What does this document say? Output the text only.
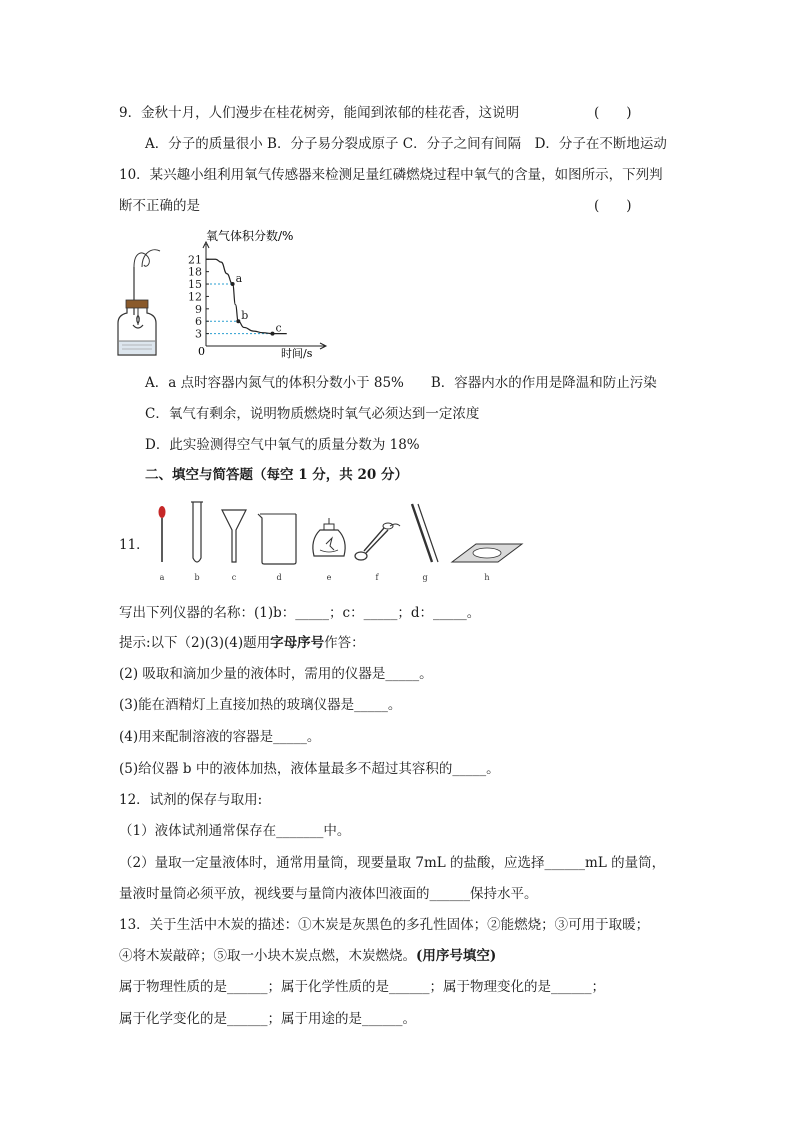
9．金秋十月，人们漫步在桂花树旁，能闻到浓郁的桂花香，这说明	(　　)
A．分子的质量很小 B．分子易分裂成原子 C．分子之间有间隔　D．分子在不断地运动
10．某兴趣小组利用氧气传感器来检测足量红磷燃烧过程中氧气的含量，如图所示，下列判
断不正确的是	(　　)
a
b
c
21
18
15
12
9
6
3
氧气体积分数/%
时间/s
0
A．a 点时容器内氮气的体积分数小于 85%　　B．容器内水的作用是降温和防止污染
C．氧气有剩余，说明物质燃烧时氧气必须达到一定浓度
D．此实验测得空气中氧气的质量分数为 18%
二、填空与简答题（每空 1 分，共 20 分）
11．
a	b	c	d	e	f	g	h
写出下列仪器的名称：(1)b：_____；c：_____；d：_____。
提示:以下（2)(3)(4)题用字母序号作答：
(2) 吸取和滴加少量的液体时，需用的仪器是_____。
(3)能在酒精灯上直接加热的玻璃仪器是_____。
(4)用来配制溶液的容器是_____。
(5)给仪器 b 中的液体加热，液体量最多不超过其容积的_____。
12．试剂的保存与取用:
（1）液体试剂通常保存在_______中。
（2）量取一定量液体时，通常用量筒，现要量取 7mL 的盐酸，应选择______mL 的量筒，
量液时量筒必须平放，视线要与量筒内液体凹液面的______保持水平。
13．关于生活中木炭的描述：①木炭是灰黑色的多孔性固体；②能燃烧；③可用于取暖；
④将木炭敲碎；⑤取一小块木炭点燃，木炭燃烧。(用序号填空)
属于物理性质的是______；属于化学性质的是______；属于物理变化的是______；
属于化学变化的是______；属于用途的是______。
